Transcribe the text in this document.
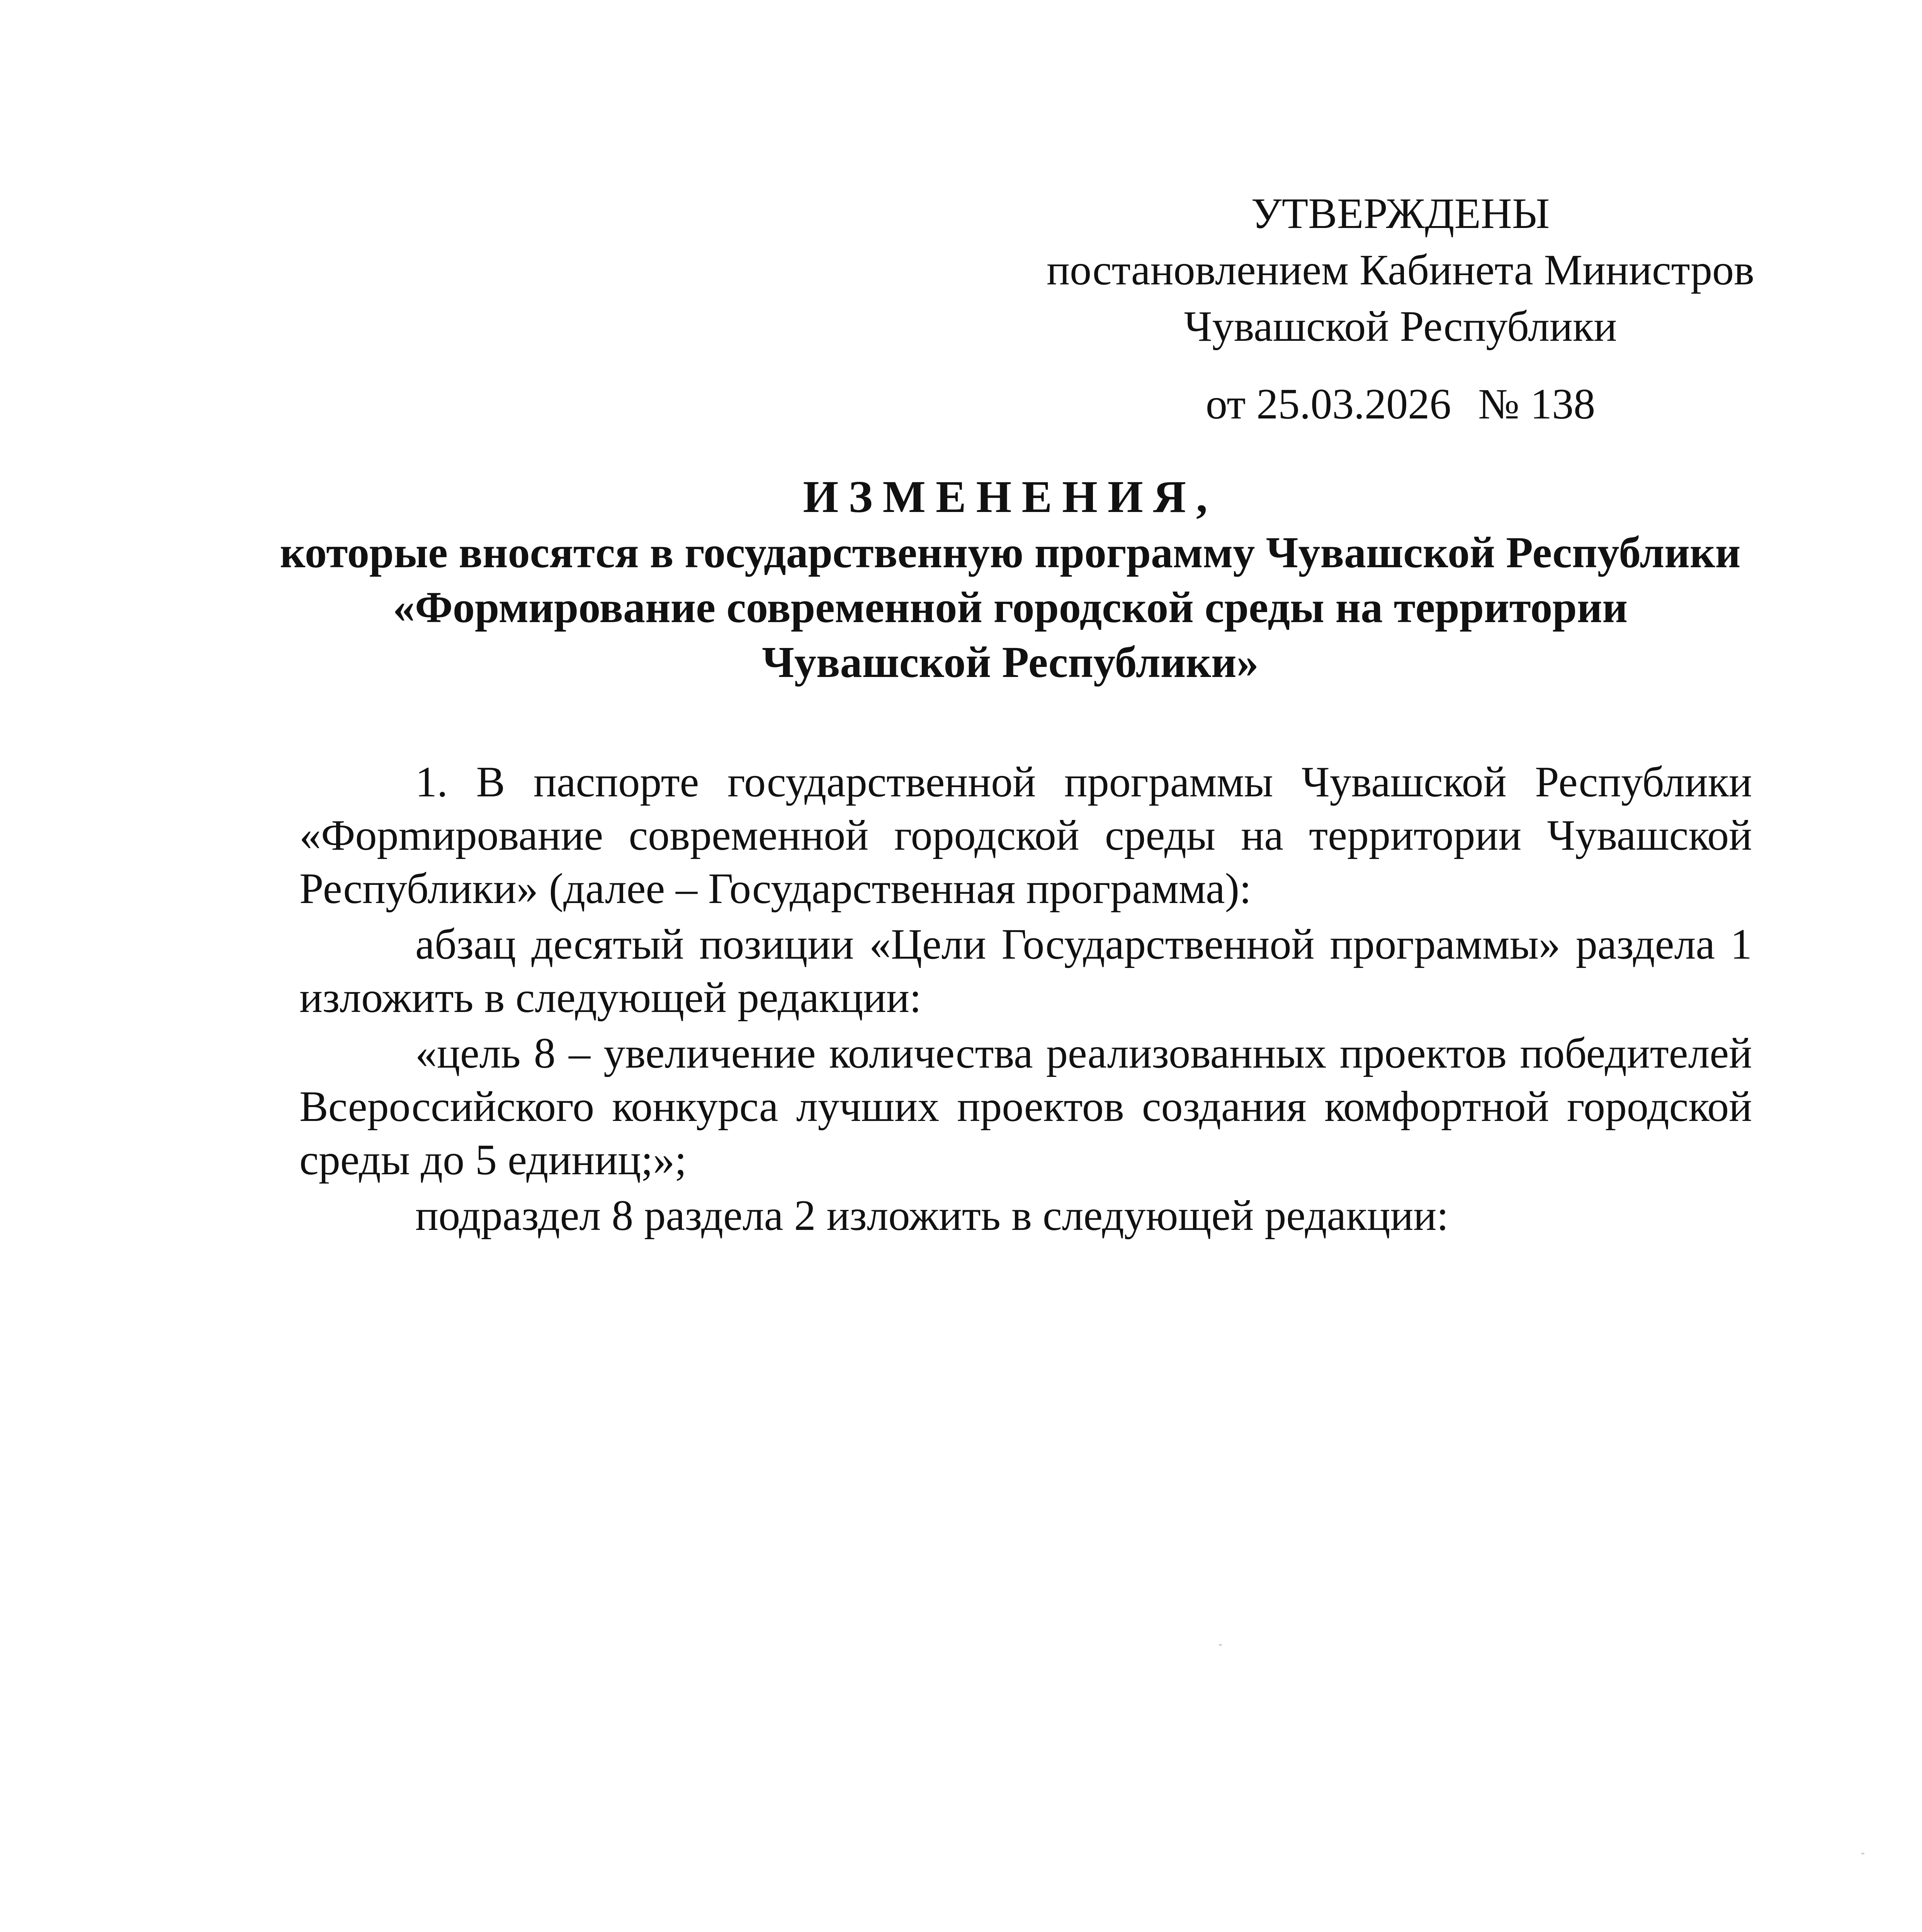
УТВЕРЖДЕНЫ
постановлением Кабинета Министров
Чувашской Республики
от 25.03.2026 № 138
ИЗМЕНЕНИЯ,
которые вносятся в государственную программу Чувашской Республики
«Формирование современной городской среды на территории
Чувашской Республики»

1. В паспорте государственной программы Чувашской Республики «Форmирование современной городской среды на территории Чувашской Республики» (далее – Государственная программа):

абзац десятый позиции «Цели Государственной программы» раздела 1 изложить в следующей редакции:

«цель 8 – увеличение количества реализованных проектов победителей Всероссийского конкурса лучших проектов создания комфортной городской среды до 5 единиц;»;

подраздел 8 раздела 2 изложить в следующей редакции:
